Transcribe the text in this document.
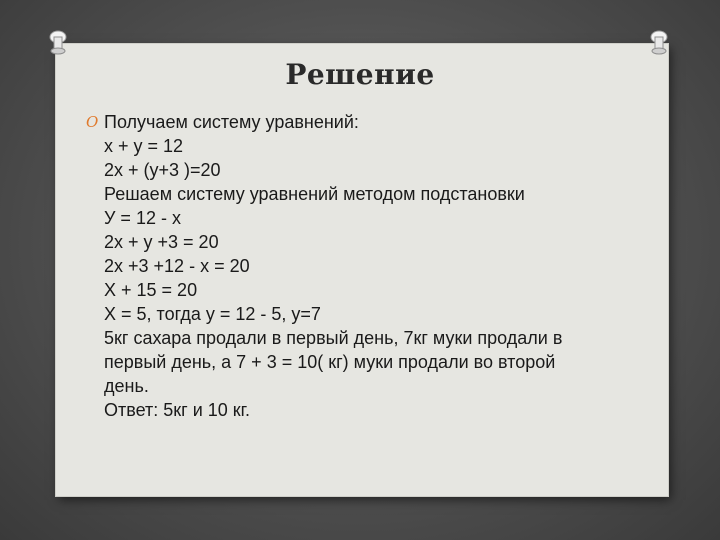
Решение
O Получаем систему уравнений:
х + у = 12
2х + (у+3 )=20
Решаем систему уравнений методом подстановки
У = 12 - х
2х + у +3 = 20
2х +3 +12 - х = 20
Х + 15 = 20
Х = 5, тогда у = 12 - 5, у=7
5кг сахара продали в первый день, 7кг муки продали в
первый день, а 7 + 3 = 10( кг) муки продали во второй
день.
Ответ: 5кг и 10 кг.
